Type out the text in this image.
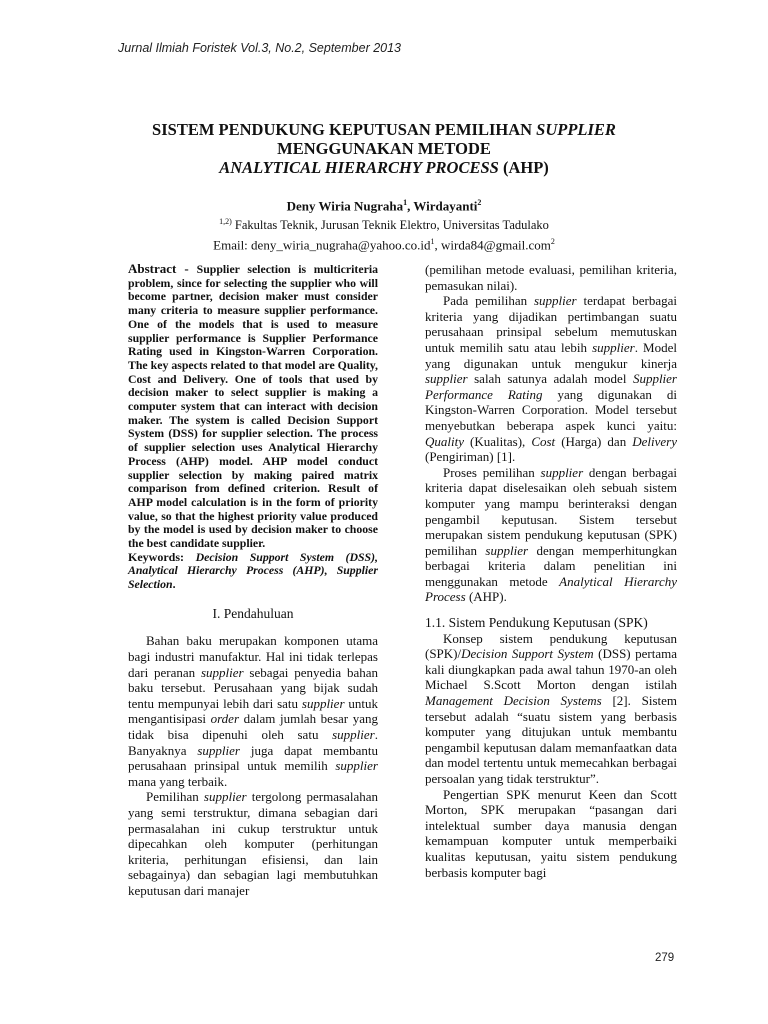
Jurnal Ilmiah Foristek Vol.3, No.2, September 2013
SISTEM PENDUKUNG KEPUTUSAN PEMILIHAN SUPPLIER
MENGGUNAKAN METODE
ANALYTICAL HIERARCHY PROCESS (AHP)
Deny Wiria Nugraha$^1$, Wirdayanti$^2$
$^{1,2)}$ Fakultas Teknik, Jurusan Teknik Elektro, Universitas Tadulako
Email: $deny\_wiria\_nugraha@yahoo.co.id^1$, wirda84@gmail.com$^2$

Abstract - Supplier selection is multicriteria problem, since for selecting the supplier who will become partner, decision maker must consider many criteria to measure supplier performance. One of the models that is used to measure supplier performance is Supplier Performance Rating used in Kingston-Warren Corporation. The key aspects related to that model are Quality, Cost and Delivery. One of tools that used by decision maker to select supplier is making a computer system that can interact with decision maker. The system is called Decision Support System (DSS) for supplier selection. The process of supplier selection uses Analytical Hierarchy Process (AHP) model. AHP model conduct supplier selection by making paired matrix comparison from defined criterion. Result of AHP model calculation is in the form of priority value, so that the highest priority value produced by the model is used by decision maker to choose the best candidate supplier.

Keywords: Decision Support System (DSS), Analytical Hierarchy Process (AHP), Supplier Selection.

I. Pendahuluan

Bahan baku merupakan komponen utama bagi industri manufaktur. Hal ini tidak terlepas dari peranan supplier sebagai penyedia bahan baku tersebut. Perusahaan yang bijak sudah tentu mempunyai lebih dari satu supplier untuk mengantisipasi order dalam jumlah besar yang tidak bisa dipenuhi oleh satu supplier. Banyaknya supplier juga dapat membantu perusahaan prinsipal untuk memilih supplier mana yang terbaik.

Pemilihan supplier tergolong permasalahan yang semi terstruktur, dimana sebagian dari permasalahan ini cukup terstruktur untuk dipecahkan oleh komputer (perhitungan kriteria, perhitungan efisiensi, dan lain sebagainya) dan sebagian lagi membutuhkan keputusan dari manajer

(pemilihan metode evaluasi, pemilihan kriteria, pemasukan nilai).

Pada pemilihan supplier terdapat berbagai kriteria yang dijadikan pertimbangan suatu perusahaan prinsipal sebelum memutuskan untuk memilih satu atau lebih supplier. Model yang digunakan untuk mengukur kinerja supplier salah satunya adalah model Supplier Performance Rating yang digunakan di Kingston-Warren Corporation. Model tersebut menyebutkan beberapa aspek kunci yaitu: Quality (Kualitas), Cost (Harga) dan Delivery (Pengiriman) [1].

Proses pemilihan supplier dengan berbagai kriteria dapat diselesaikan oleh sebuah sistem komputer yang mampu berinteraksi dengan pengambil keputusan. Sistem tersebut merupakan sistem pendukung keputusan (SPK) pemilihan supplier dengan memperhitungkan berbagai kriteria dalam penelitian ini menggunakan metode Analytical Hierarchy Process (AHP).

1.1. Sistem Pendukung Keputusan (SPK)

Konsep sistem pendukung keputusan (SPK)/Decision Support System (DSS) pertama kali diungkapkan pada awal tahun 1970-an oleh Michael S.Scott Morton dengan istilah Management Decision Systems [2]. Sistem tersebut adalah “suatu sistem yang berbasis komputer yang ditujukan untuk membantu pengambil keputusan dalam memanfaatkan data dan model tertentu untuk memecahkan berbagai persoalan yang tidak terstruktur”.

Pengertian SPK menurut Keen dan Scott Morton, SPK merupakan “pasangan dari intelektual sumber daya manusia dengan kemampuan komputer untuk memperbaiki kualitas keputusan, yaitu sistem pendukung berbasis komputer bagi

279
